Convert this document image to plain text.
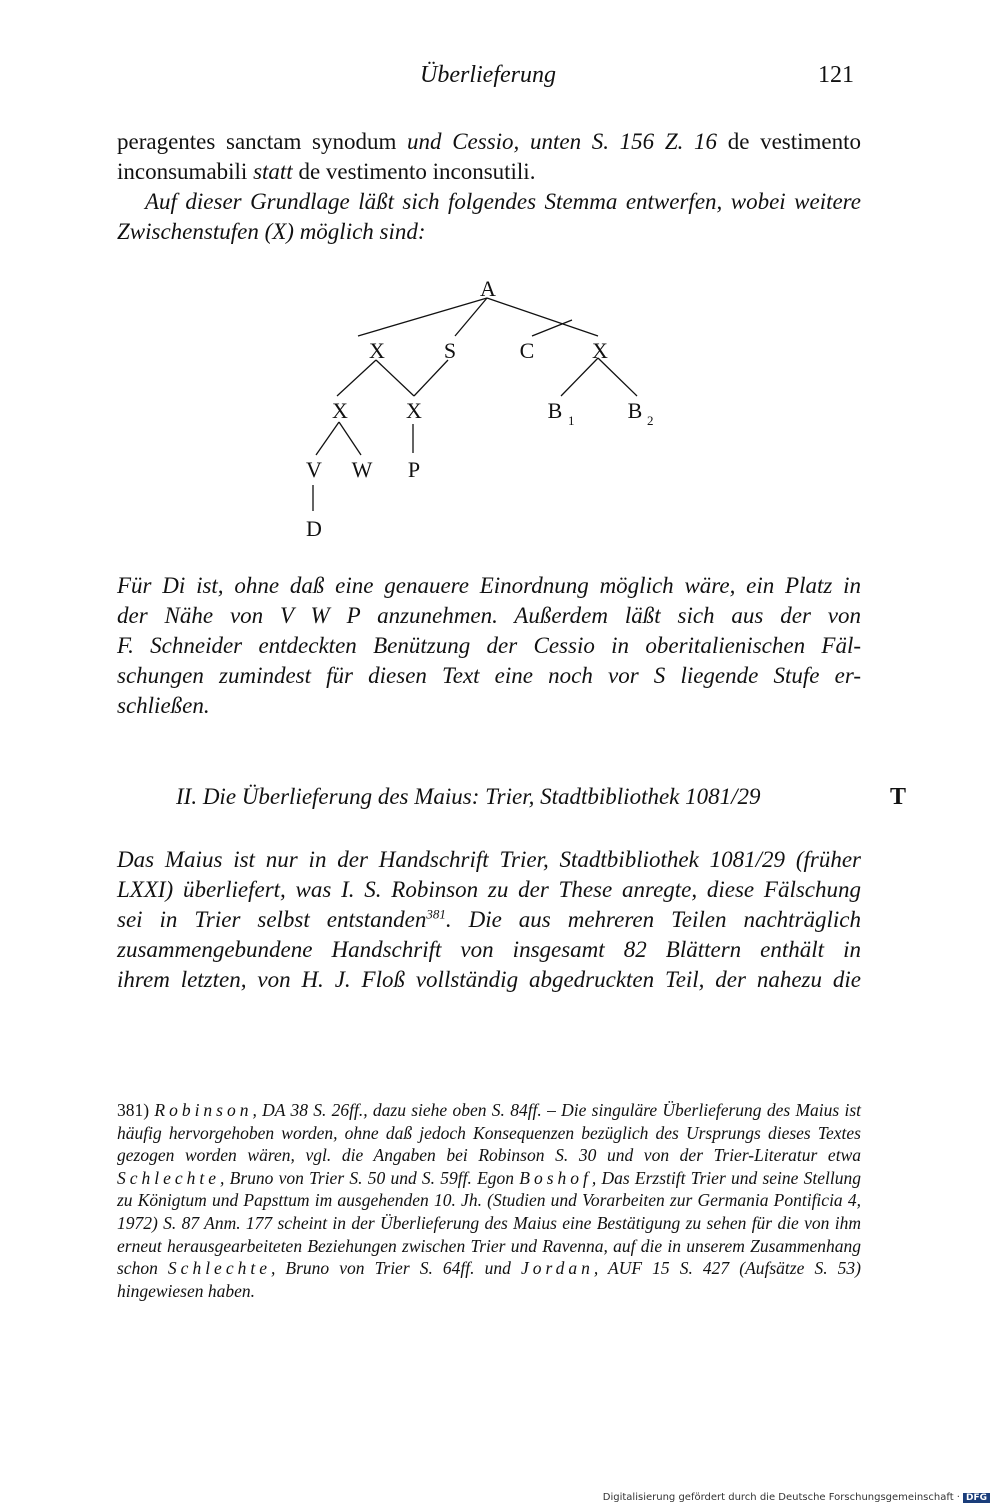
Überlieferung	121
peragentes sanctam synodum und Cessio, unten S. 156 Z. 16 de vestimento inconsumabili statt de vestimento inconsutili.
Auf dieser Grundlage läßt sich folgendes Stemma entwerfen, wobei weitere Zwischenstufen (X) möglich sind:
A
X	S	C	X
X	X	B 1 B 2
V W P
D
Für Di ist, ohne daß eine genauere Einordnung möglich wäre, ein Platz in
der Nähe von V W P anzunehmen. Außerdem läßt sich aus der von
F. Schneider entdeckten Benützung der Cessio in oberitalienischen Fäl-
schungen zumindest für diesen Text eine noch vor S liegende Stufe er-
schließen.
II. Die Überlieferung des Maius: Trier, Stadtbibliothek 1081/29	T
Das Maius ist nur in der Handschrift Trier, Stadtbibliothek 1081/29 (früher
LXXI) überliefert, was I. S. Robinson zu der These anregte, diese Fälschung
sei in Trier selbst entstanden$^{381}$. Die aus mehreren Teilen nachträglich
zusammengebundene Handschrift von insgesamt 82 Blättern enthält in
ihrem letzten, von H. J. Floß vollständig abgedruckten Teil, der nahezu die
381) Robinson, DA 38 S. 26ff., dazu siehe oben S. 84ff. – Die singuläre Überlieferung des Maius ist häufig hervorgehoben worden, ohne daß jedoch Konsequenzen bezüglich des Ursprungs dieses Textes gezogen worden wären, vgl. die Angaben bei Robinson S. 30 und von der Trier-Literatur etwa Schlechte, Bruno von Trier S. 50 und S. 59ff. Egon Boshof, Das Erzstift Trier und seine Stellung zu Königtum und Papsttum im ausgehenden 10. Jh. (Studien und Vorarbeiten zur Germania Pontificia 4, 1972) S. 87 Anm. 177 scheint in der Überlieferung des Maius eine Bestätigung zu sehen für die von ihm erneut herausgearbeiteten Beziehungen zwischen Trier und Ravenna, auf die in unserem Zusammenhang schon Schlechte, Bruno von Trier S. 64ff. und Jordan, AUF 15 S. 427 (Aufsätze S. 53) hingewiesen haben.
Digitalisierung gefördert durch die Deutsche Forschungsgemeinschaft · DFG
